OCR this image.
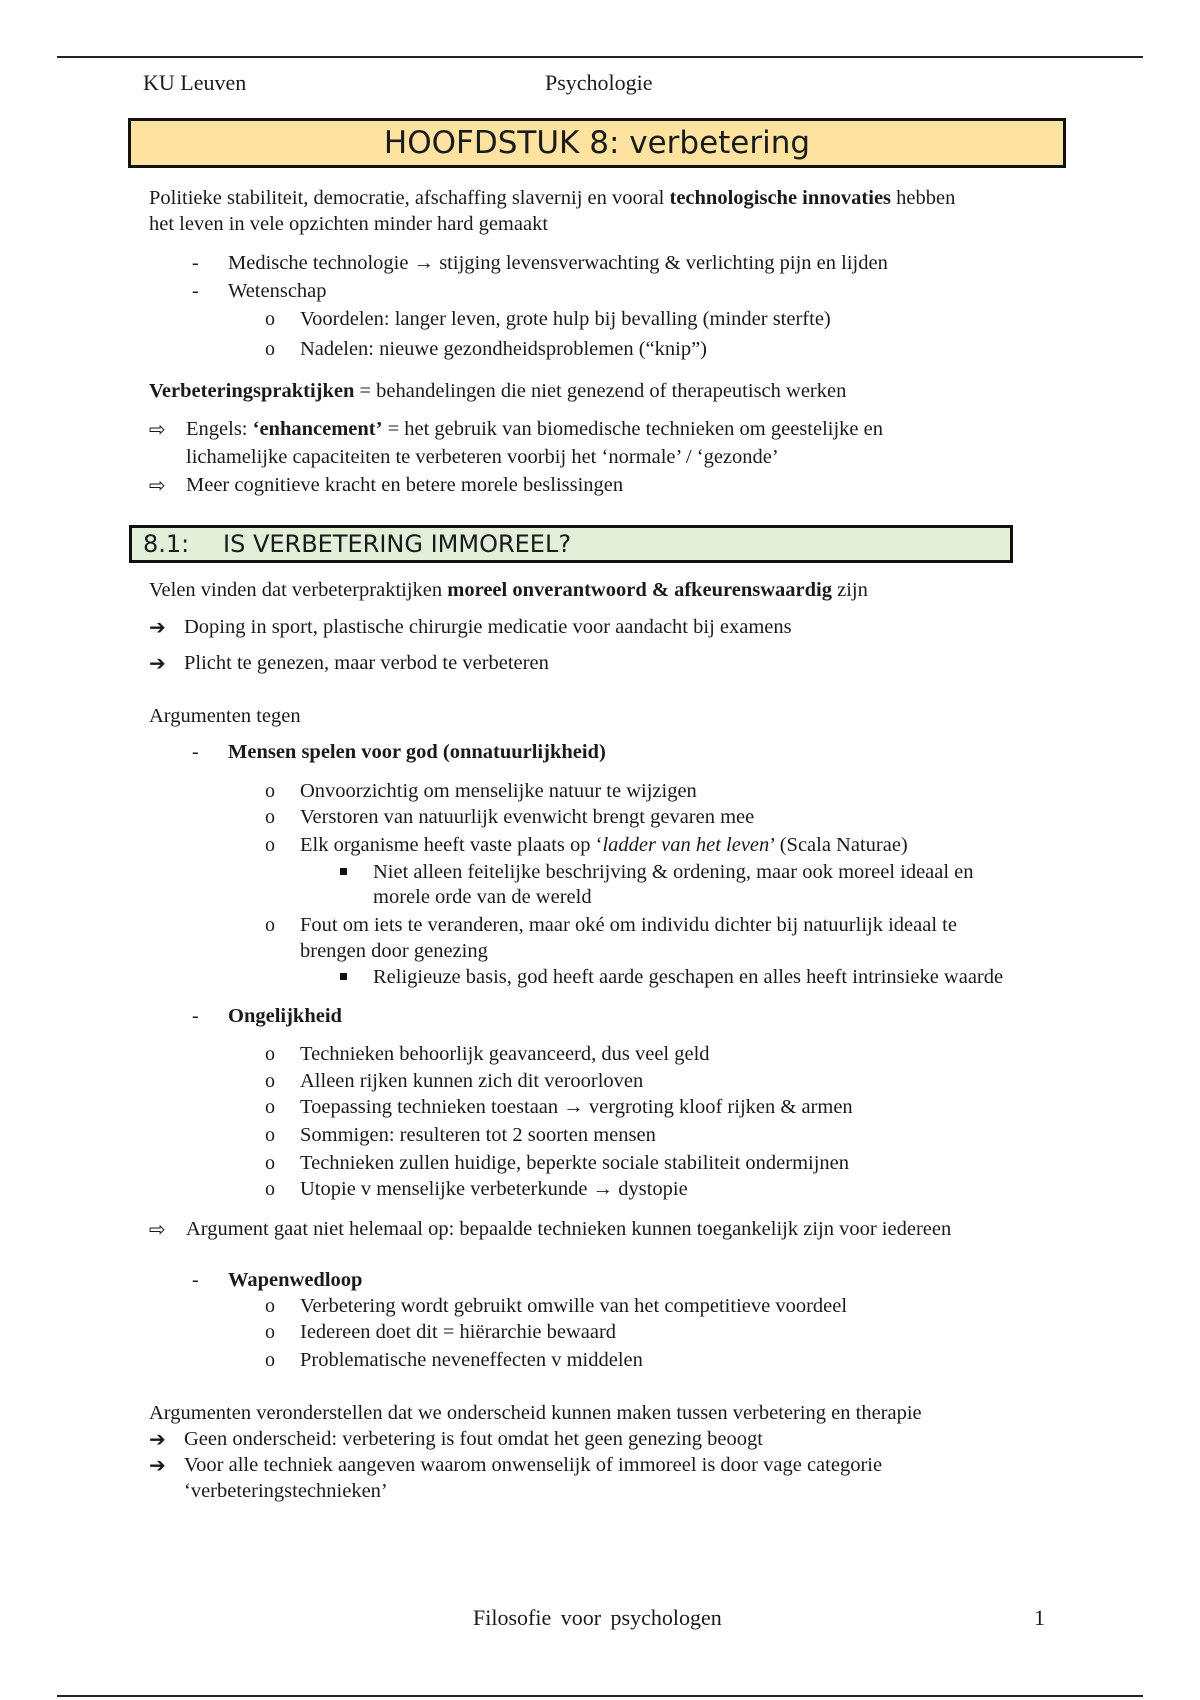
KU Leuven	Psychologie
HOOFDSTUK 8: verbetering
Politieke stabiliteit, democratie, afschaffing slavernij en vooral technologische innovaties hebben
het leven in vele opzichten minder hard gemaakt
- Medische technologie → stijging levensverwachting & verlichting pijn en lijden
- Wetenschap
o Voordelen: langer leven, grote hulp bij bevalling (minder sterfte)
o Nadelen: nieuwe gezondheidsproblemen (“knip”)
Verbeteringspraktijken = behandelingen die niet genezend of therapeutisch werken
⇨ Engels: ‘enhancement’ = het gebruik van biomedische technieken om geestelijke en
lichamelijke capaciteiten te verbeteren voorbij het ‘normale’ / ‘gezonde’
⇨ Meer cognitieve kracht en betere morele beslissingen
8.1: IS VERBETERING IMMOREEL?
Velen vinden dat verbeterpraktijken moreel onverantwoord & afkeurenswaardig zijn
➔ Doping in sport, plastische chirurgie medicatie voor aandacht bij examens
➔ Plicht te genezen, maar verbod te verbeteren
Argumenten tegen
- Mensen spelen voor god (onnatuurlijkheid)
o Onvoorzichtig om menselijke natuur te wijzigen
o Verstoren van natuurlijk evenwicht brengt gevaren mee
o Elk organisme heeft vaste plaats op ‘ladder van het leven’ (Scala Naturae)
Niet alleen feitelijke beschrijving & ordening, maar ook moreel ideaal en
morele orde van de wereld
o Fout om iets te veranderen, maar oké om individu dichter bij natuurlijk ideaal te
brengen door genezing
Religieuze basis, god heeft aarde geschapen en alles heeft intrinsieke waarde
- Ongelijkheid
o Technieken behoorlijk geavanceerd, dus veel geld
o Alleen rijken kunnen zich dit veroorloven
o Toepassing technieken toestaan → vergroting kloof rijken & armen
o Sommigen: resulteren tot 2 soorten mensen
o Technieken zullen huidige, beperkte sociale stabiliteit ondermijnen
o Utopie v menselijke verbeterkunde → dystopie
⇨ Argument gaat niet helemaal op: bepaalde technieken kunnen toegankelijk zijn voor iedereen
- Wapenwedloop
o Verbetering wordt gebruikt omwille van het competitieve voordeel
o Iedereen doet dit = hiërarchie bewaard
o Problematische neveneffecten v middelen
Argumenten veronderstellen dat we onderscheid kunnen maken tussen verbetering en therapie
➔ Geen onderscheid: verbetering is fout omdat het geen genezing beoogt
➔ Voor alle techniek aangeven waarom onwenselijk of immoreel is door vage categorie
‘verbeteringstechnieken’
Filosofie voor psychologen	1
